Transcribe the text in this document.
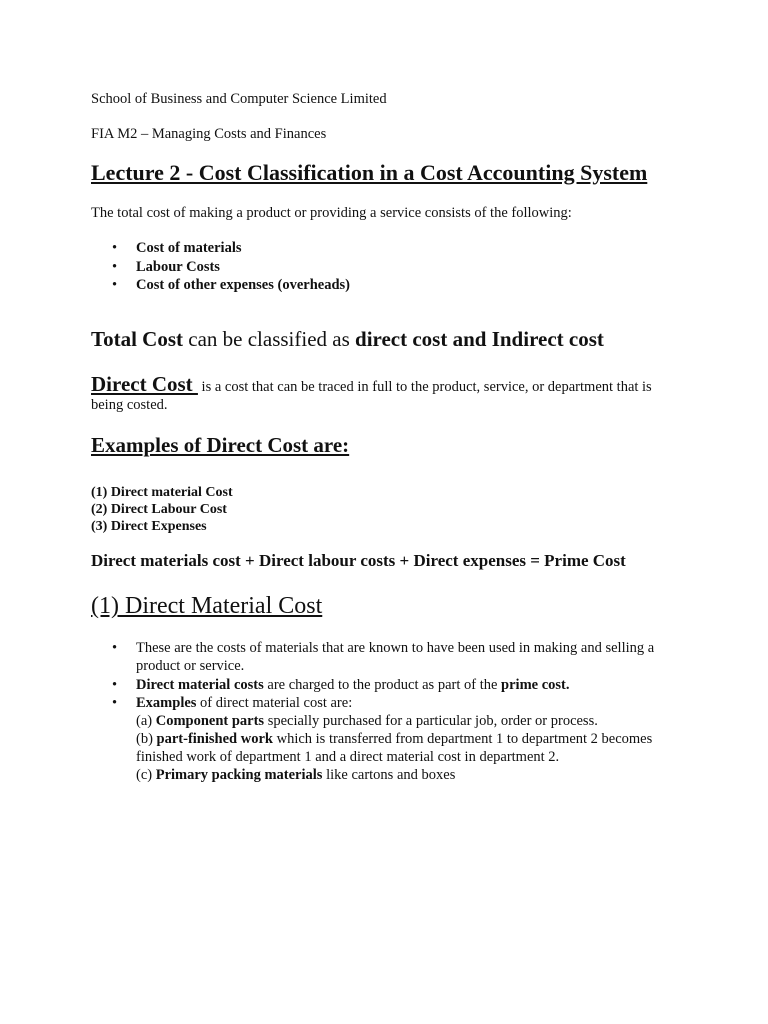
School of Business and Computer Science Limited
FIA M2 – Managing Costs and Finances
Lecture 2 - Cost Classification in a Cost Accounting System
The total cost of making a product or providing a service consists of the following:
• Cost of materials
• Labour Costs
• Cost of other expenses (overheads)
Total Cost can be classified as direct cost and Indirect cost
Direct Cost  is a cost that can be traced in full to the product, service, or department that is
being costed.
Examples of Direct Cost are:
(1) Direct material Cost
(2) Direct Labour Cost
(3) Direct Expenses
Direct materials cost + Direct labour costs + Direct expenses = Prime Cost
(1) Direct Material Cost
• These are the costs of materials that are known to have been used in making and selling a
product or service.
• Direct material costs are charged to the product as part of the prime cost.
• Examples of direct material cost are:
(a) Component parts specially purchased for a particular job, order or process.
(b) part-finished work which is transferred from department 1 to department 2 becomes
finished work of department 1 and a direct material cost in department 2.
(c) Primary packing materials like cartons and boxes
